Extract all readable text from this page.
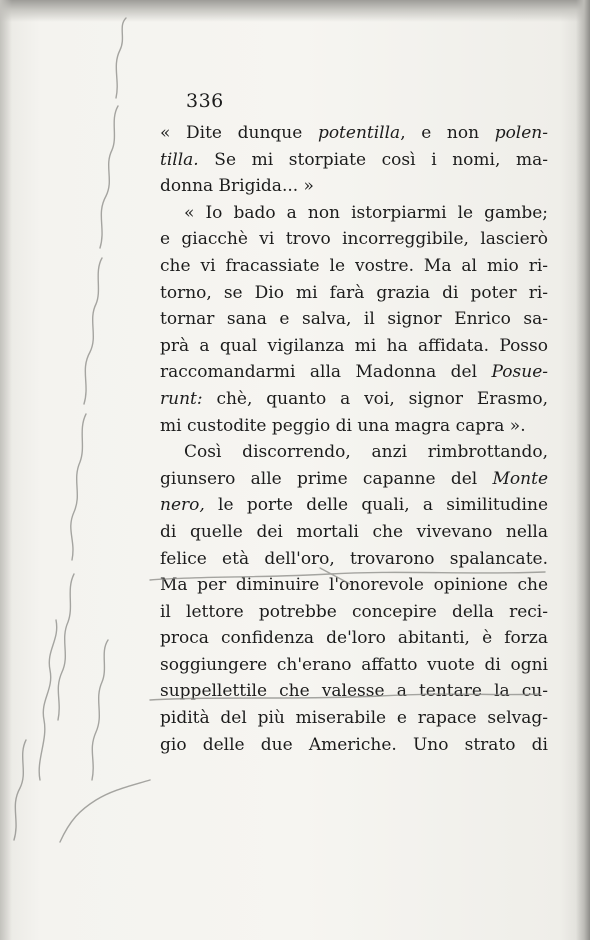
336
« Dite dunque potentilla, e non polen-
tilla. Se mi storpiate così i nomi, ma-
donna Brigida... »
« Io bado a non istorpiarmi le gambe;
e giacchè vi trovo incorreggibile, lascierò
che vi fracassiate le vostre. Ma al mio ri-
torno, se Dio mi farà grazia di poter ri-
tornar sana e salva, il signor Enrico sa-
prà a qual vigilanza mi ha affidata. Posso
raccomandarmi alla Madonna del Posue-
runt: chè, quanto a voi, signor Erasmo,
mi custodite peggio di una magra capra ».
Così discorrendo, anzi rimbrottando,
giunsero alle prime capanne del Monte
nero, le porte delle quali, a similitudine
di quelle dei mortali che vivevano nella
felice età dell'oro, trovarono spalancate.
Ma per diminuire l'onorevole opinione che
il lettore potrebbe concepire della reci-
proca confidenza de'loro abitanti, è forza
soggiungere ch'erano affatto vuote di ogni
suppellettile che valesse a tentare la cu-
pidità del più miserabile e rapace selvag-
gio delle due Americhe. Uno strato di
